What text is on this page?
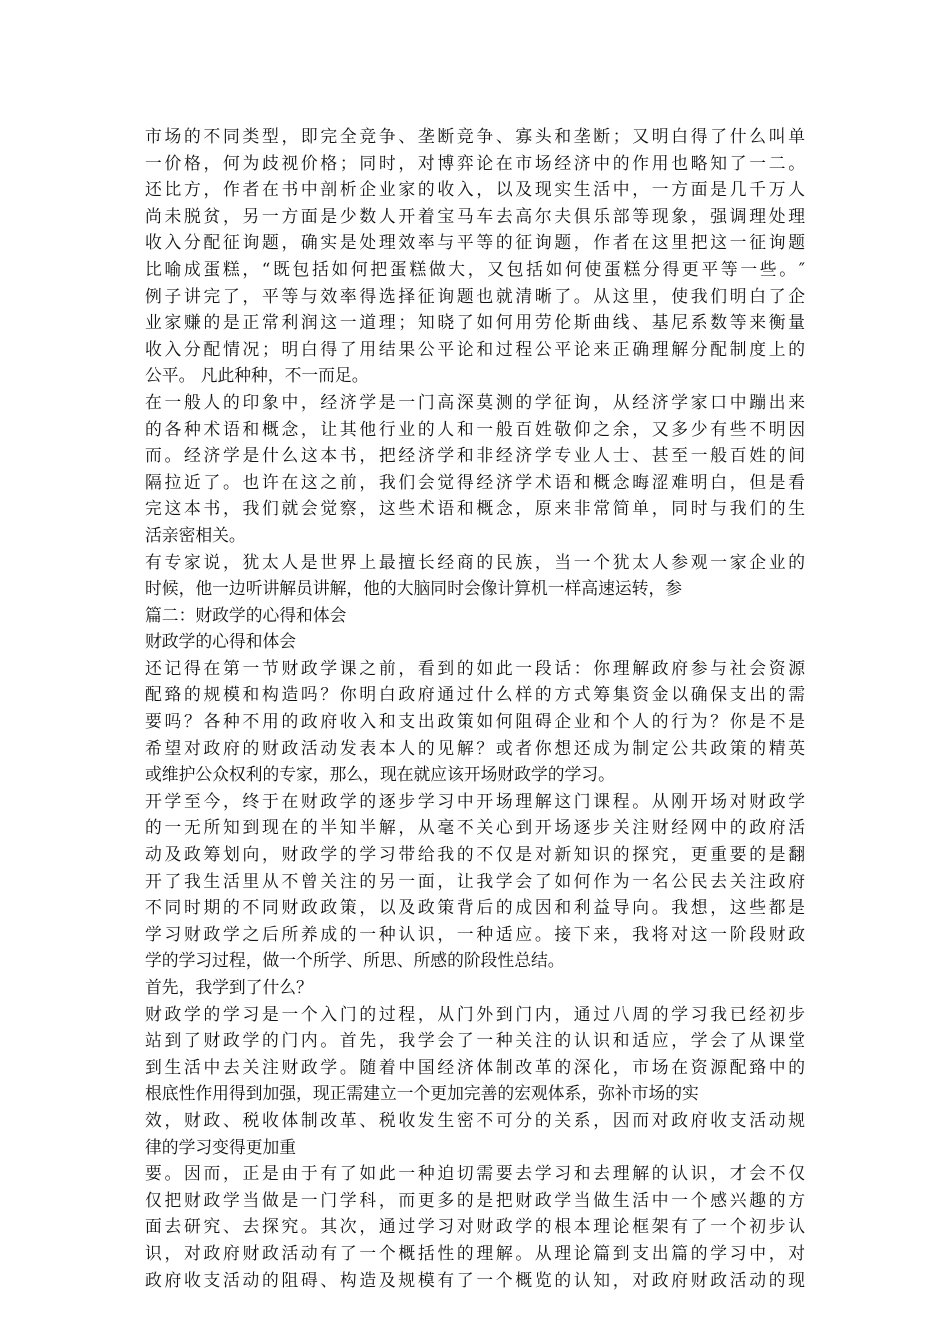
市场的不同类型，即完全竞争、垄断竞争、寡头和垄断；又明白得了什么叫单
一价格，何为歧视价格；同时，对博弈论在市场经济中的作用也略知了一二。
还比方，作者在书中剖析企业家的收入，以及现实生活中，一方面是几千万人
尚未脱贫，另一方面是少数人开着宝马车去高尔夫俱乐部等现象，强调理处理
收入分配征询题，确实是处理效率与平等的征询题，作者在这里把这一征询题
比喻成蛋糕，“既包括如何把蛋糕做大，又包括如何使蛋糕分得更平等一些。″
例子讲完了，平等与效率得选择征询题也就清晰了。从这里，使我们明白了企
业家赚的是正常利润这一道理；知晓了如何用劳伦斯曲线、基尼系数等来衡量
收入分配情况；明白得了用结果公平论和过程公平论来正确理解分配制度上的
公平。 凡此种种，不一而足。
在一般人的印象中，经济学是一门高深莫测的学征询，从经济学家口中蹦出来
的各种术语和概念，让其他行业的人和一般百姓敬仰之余，又多少有些不明因
而。经济学是什么这本书，把经济学和非经济学专业人士、甚至一般百姓的间
隔拉近了。也许在这之前，我们会觉得经济学术语和概念晦涩难明白，但是看
完这本书，我们就会觉察，这些术语和概念，原来非常简单，同时与我们的生
活亲密相关。
有专家说，犹太人是世界上最擅长经商的民族，当一个犹太人参观一家企业的
时候，他一边听讲解员讲解，他的大脑同时会像计算机一样高速运转，参
篇二：财政学的心得和体会
财政学的心得和体会
还记得在第一节财政学课之前，看到的如此一段话：你理解政府参与社会资源
配臵的规模和构造吗？你明白政府通过什么样的方式筹集资金以确保支出的需
要吗？各种不用的政府收入和支出政策如何阻碍企业和个人的行为？你是不是
希望对政府的财政活动发表本人的见解？或者你想还成为制定公共政策的精英
或维护公众权利的专家，那么，现在就应该开场财政学的学习。
开学至今，终于在财政学的逐步学习中开场理解这门课程。从刚开场对财政学
的一无所知到现在的半知半解，从毫不关心到开场逐步关注财经网中的政府活
动及政筹划向，财政学的学习带给我的不仅是对新知识的探究，更重要的是翻
开了我生活里从不曾关注的另一面，让我学会了如何作为一名公民去关注政府
不同时期的不同财政政策，以及政策背后的成因和利益导向。我想，这些都是
学习财政学之后所养成的一种认识，一种适应。接下来，我将对这一阶段财政
学的学习过程，做一个所学、所思、所感的阶段性总结。
首先，我学到了什么？
财政学的学习是一个入门的过程，从门外到门内，通过八周的学习我已经初步
站到了财政学的门内。首先，我学会了一种关注的认识和适应，学会了从课堂
到生活中去关注财政学。随着中国经济体制改革的深化，市场在资源配臵中的
根底性作用得到加强，现正需建立一个更加完善的宏观体系，弥补市场的实
效，财政、税收体制改革、税收发生密不可分的关系，因而对政府收支活动规
律的学习变得更加重
要。因而，正是由于有了如此一种迫切需要去学习和去理解的认识，才会不仅
仅把财政学当做是一门学科，而更多的是把财政学当做生活中一个感兴趣的方
面去研究、去探究。其次，通过学习对财政学的根本理论框架有了一个初步认
识，对政府财政活动有了一个概括性的理解。从理论篇到支出篇的学习中，对
政府收支活动的阻碍、构造及规模有了一个概览的认知，对政府财政活动的现
